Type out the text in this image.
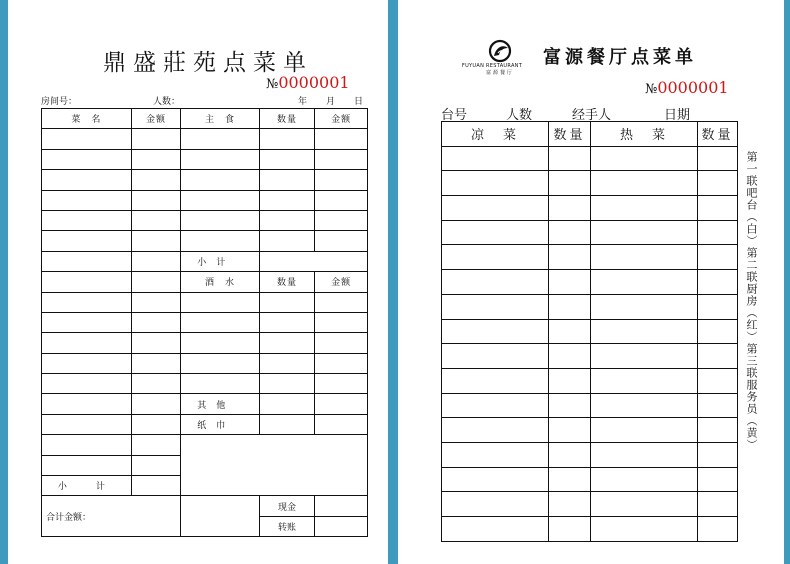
鼎盛莊苑点菜单
№0000001
房间号：	人数：	年 月 日
菜　名	金额	主　食	数量	金额

		小计		
		酒　水	数量	金额

		其他		
		纸巾		

小　计				
合计金额：			现金	
			转账	
FUYUAN RESTAURANT
富源餐厅
富源餐厅点菜单
№0000001
台号	人数	经手人	日期
凉　菜	数量	热　菜	数量

第一联吧台（白）第二联厨房（红）第三联服务员（黄）
